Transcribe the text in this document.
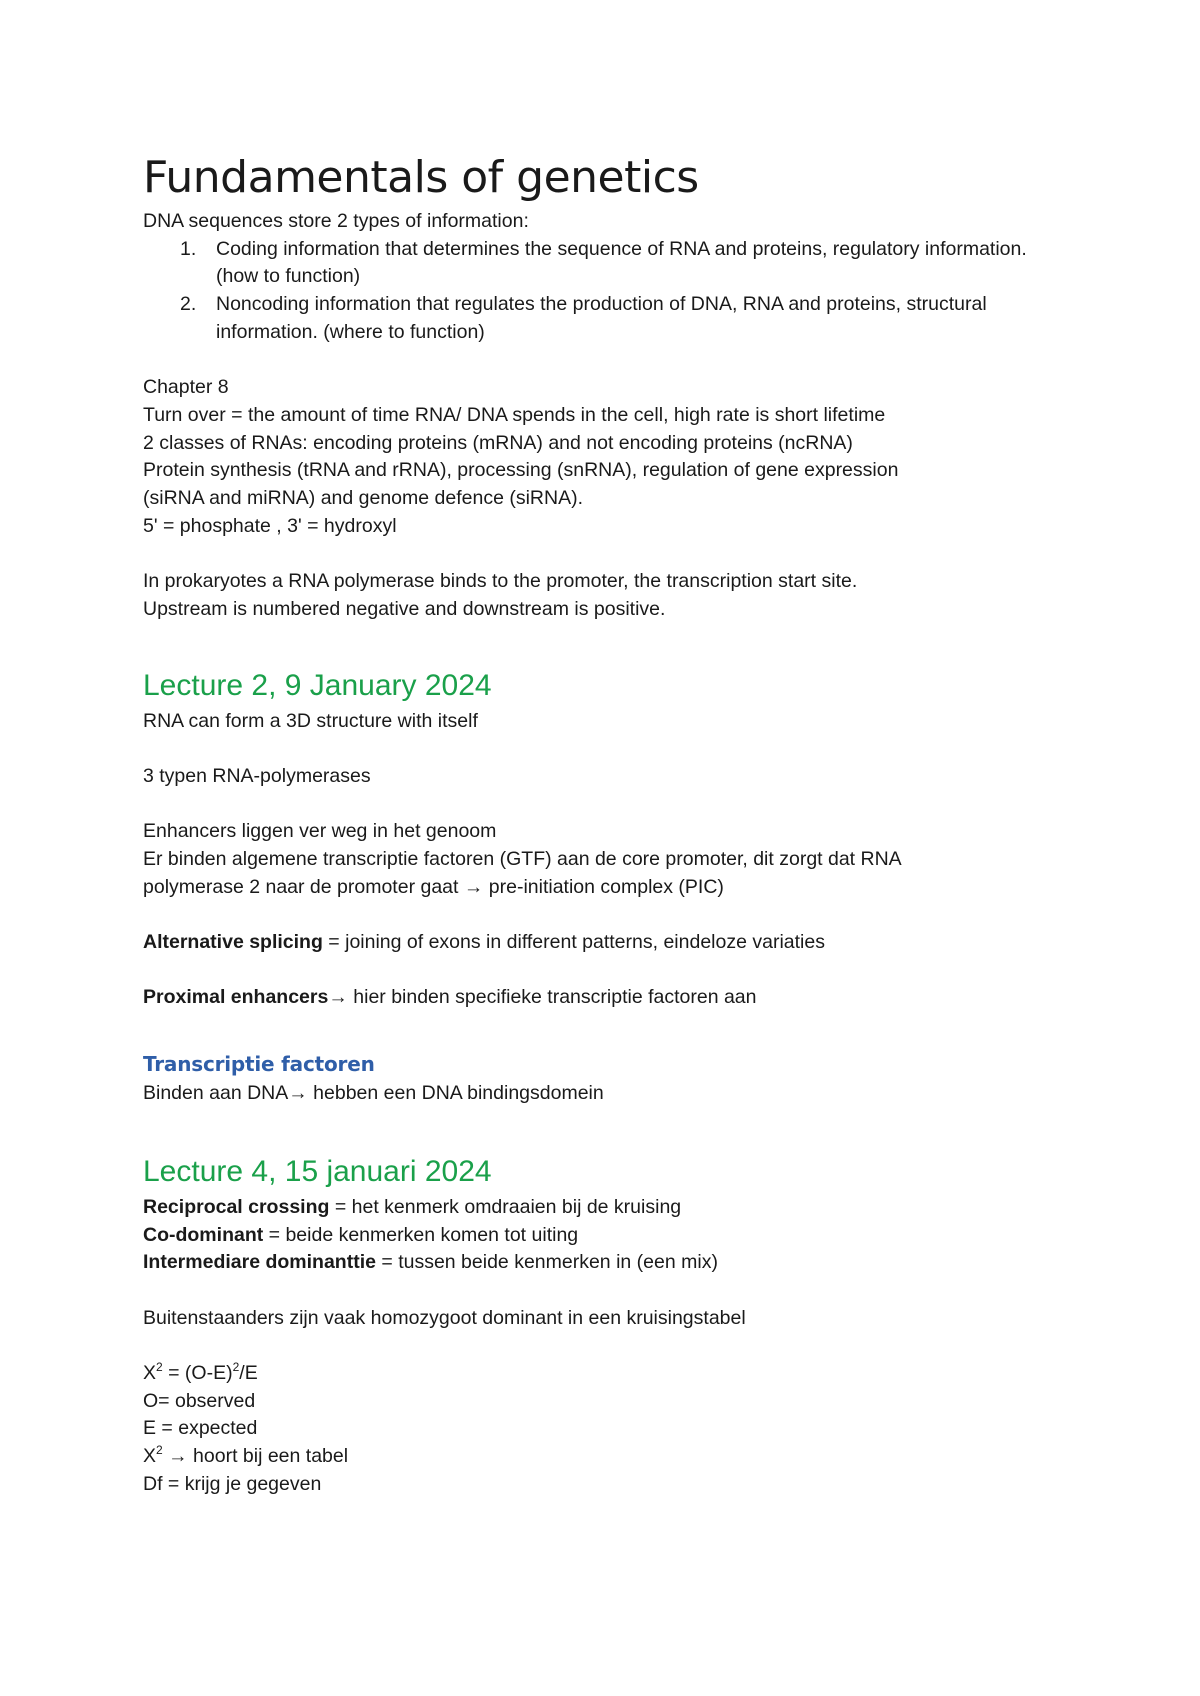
Fundamentals of genetics

DNA sequences store 2 types of information:

1. Coding information that determines the sequence of RNA and proteins, regulatory information. (how to function)
2. Noncoding information that regulates the production of DNA, RNA and proteins, structural information. (where to function)

Chapter 8

Turn over = the amount of time RNA/ DNA spends in the cell, high rate is short lifetime

2 classes of RNAs: encoding proteins (mRNA) and not encoding proteins (ncRNA)

Protein synthesis (tRNA and rRNA), processing (snRNA), regulation of gene expression

(siRNA and miRNA) and genome defence (siRNA).

5' = phosphate , 3' = hydroxyl

In prokaryotes a RNA polymerase binds to the promoter, the transcription start site.

Upstream is numbered negative and downstream is positive.

Lecture 2, 9 January 2024

RNA can form a 3D structure with itself

3 typen RNA-polymerases

Enhancers liggen ver weg in het genoom

Er binden algemene transcriptie factoren (GTF) aan de core promoter, dit zorgt dat RNA

polymerase 2 naar de promoter gaat → pre-initiation complex (PIC)

Alternative splicing = joining of exons in different patterns, eindeloze variaties

Proximal enhancers→ hier binden specifieke transcriptie factoren aan

Transcriptie factoren

Binden aan DNA→ hebben een DNA bindingsdomein

Lecture 4, 15 januari 2024

Reciprocal crossing = het kenmerk omdraaien bij de kruising

Co-dominant = beide kenmerken komen tot uiting

Intermediare dominanttie = tussen beide kenmerken in (een mix)

Buitenstaanders zijn vaak homozygoot dominant in een kruisingstabel

$X^2 = (O-E)^2/E$

O= observed

E = expected

$X^2$ → hoort bij een tabel

Df = krijg je gegeven
